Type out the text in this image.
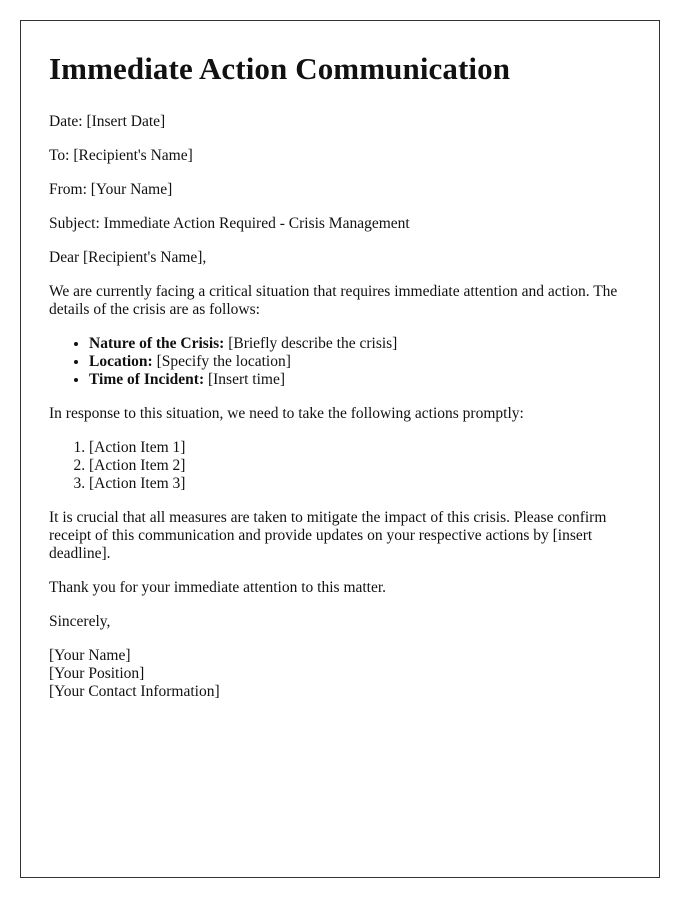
Immediate Action Communication

Date: [Insert Date]

To: [Recipient's Name]

From: [Your Name]

Subject: Immediate Action Required - Crisis Management

Dear [Recipient's Name],

We are currently facing a critical situation that requires immediate attention and action. The details of the crisis are as follows:

• Nature of the Crisis: [Briefly describe the crisis]
• Location: [Specify the location]
• Time of Incident: [Insert time]

In response to this situation, we need to take the following actions promptly:

1. [Action Item 1]
2. [Action Item 2]
3. [Action Item 3]

It is crucial that all measures are taken to mitigate the impact of this crisis. Please confirm receipt of this communication and provide updates on your respective actions by [insert deadline].

Thank you for your immediate attention to this matter.

Sincerely,

[Your Name]
[Your Position]
[Your Contact Information]
